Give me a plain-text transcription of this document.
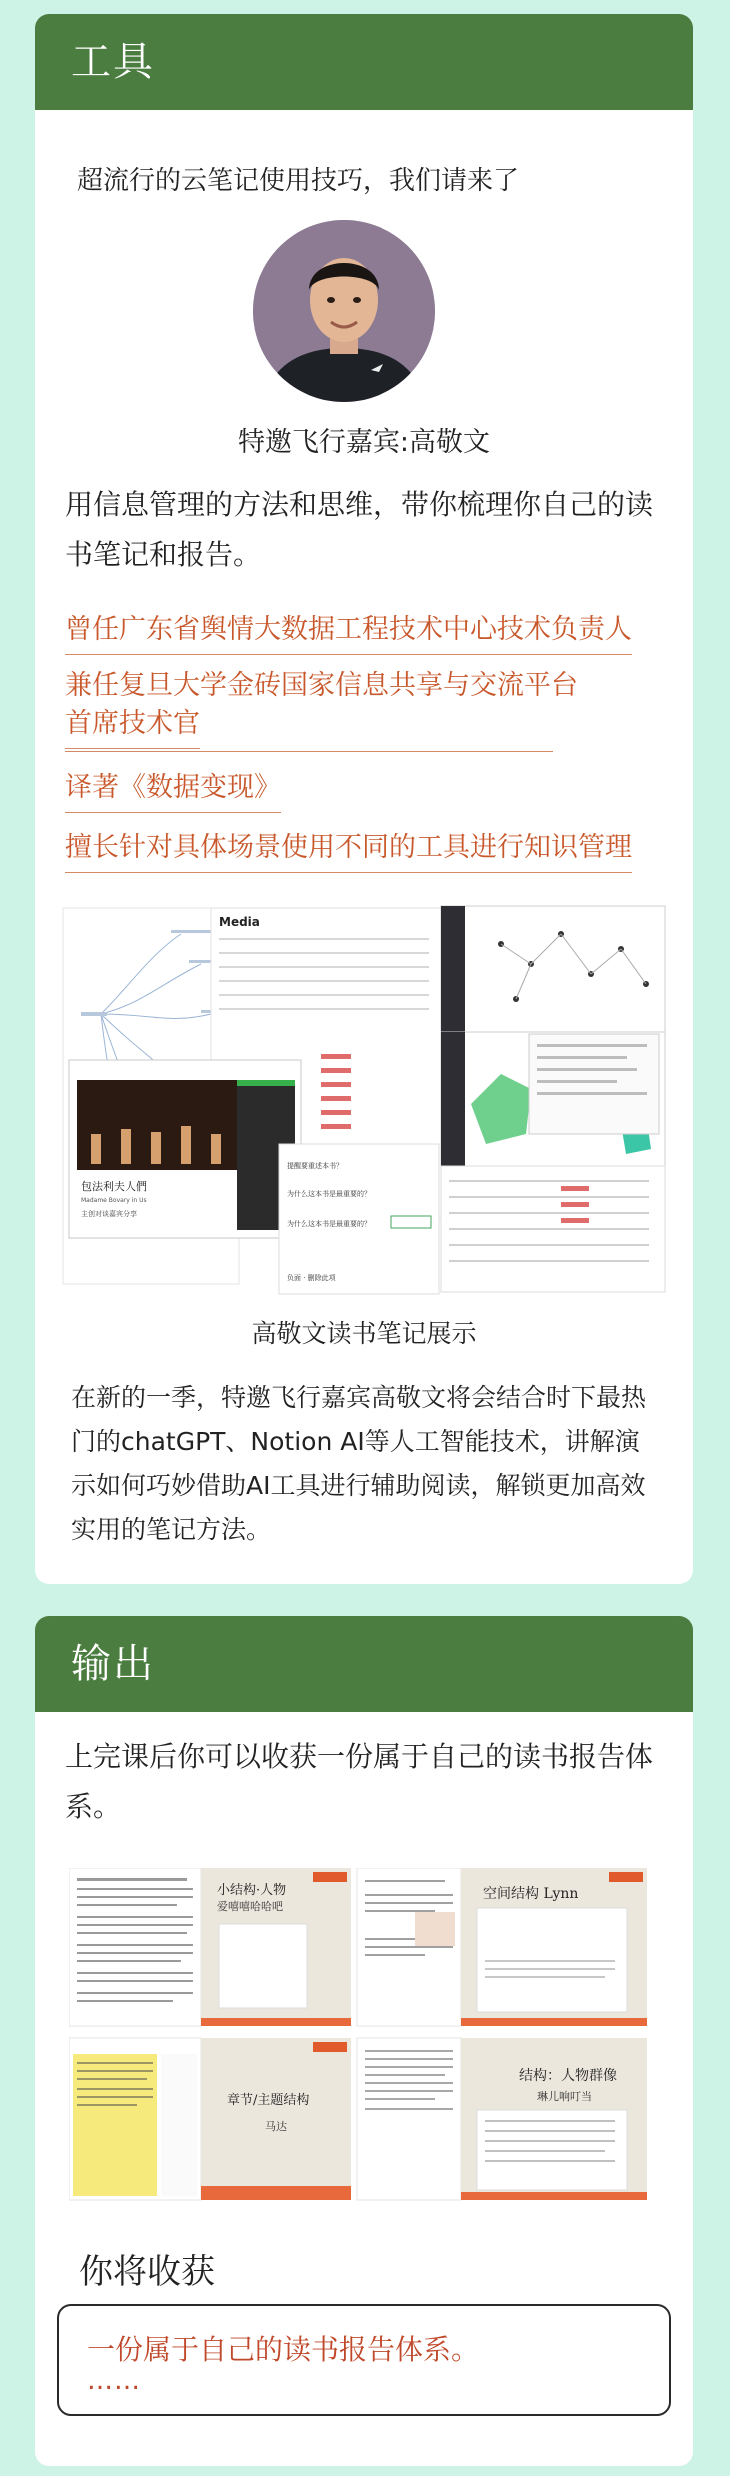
工具
超流行的云笔记使用技巧，我们请来了
特邀飞行嘉宾:高敬文
用信息管理的方法和思维，带你梳理你自己的读书笔记和报告。
曾任广东省舆情大数据工程技术中心技术负责人
兼任复旦大学金砖国家信息共享与交流平台
首席技术官
译著《数据变现》
擅长针对具体场景使用不同的工具进行知识管理
Media
包法利夫人們
Madame Bovary in Us
主创对谈嘉宾分享
提醒要重述本书？
为什么这本书是最重要的？
为什么这本书是最重要的？
负面 · 删除此项
高敬文读书笔记展示
在新的一季，特邀飞行嘉宾高敬文将会结合时下最热门的chatGPT、Notion AI等人工智能技术，讲解演示如何巧妙借助AI工具进行辅助阅读，解锁更加高效实用的笔记方法。
输出
上完课后你可以收获一份属于自己的读书报告体系。
小结构·人物
爱嘻嘻哈哈吧
空间结构 Lynn
章节/主题结构
马达
结构：人物群像
琳儿响叮当
你将收获
一份属于自己的读书报告体系。
……
